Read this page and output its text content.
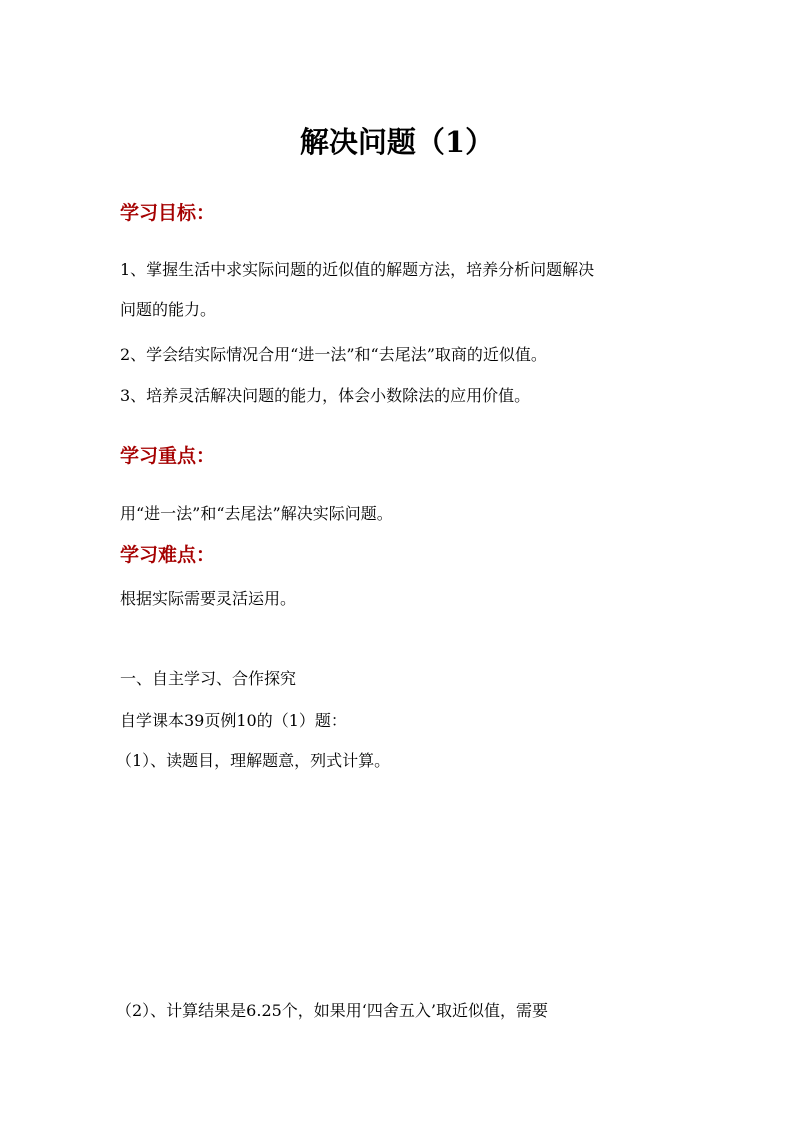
解决问题（1）
学习目标：
1、掌握生活中求实际问题的近似值的解题方法，培养分析问题解决
问题的能力。
2、学会结实际情况合用“进一法”和“去尾法”取商的近似值。
3、培养灵活解决问题的能力，体会小数除法的应用价值。
学习重点：
用“进一法”和“去尾法”解决实际问题。
学习难点：
根据实际需要灵活运用。
一、自主学习、合作探究
自学课本39页例10的（1）题：
（1）、读题目，理解题意，列式计算。
（2）、计算结果是6.25个，如果用‘四舍五入’取近似值，需要
